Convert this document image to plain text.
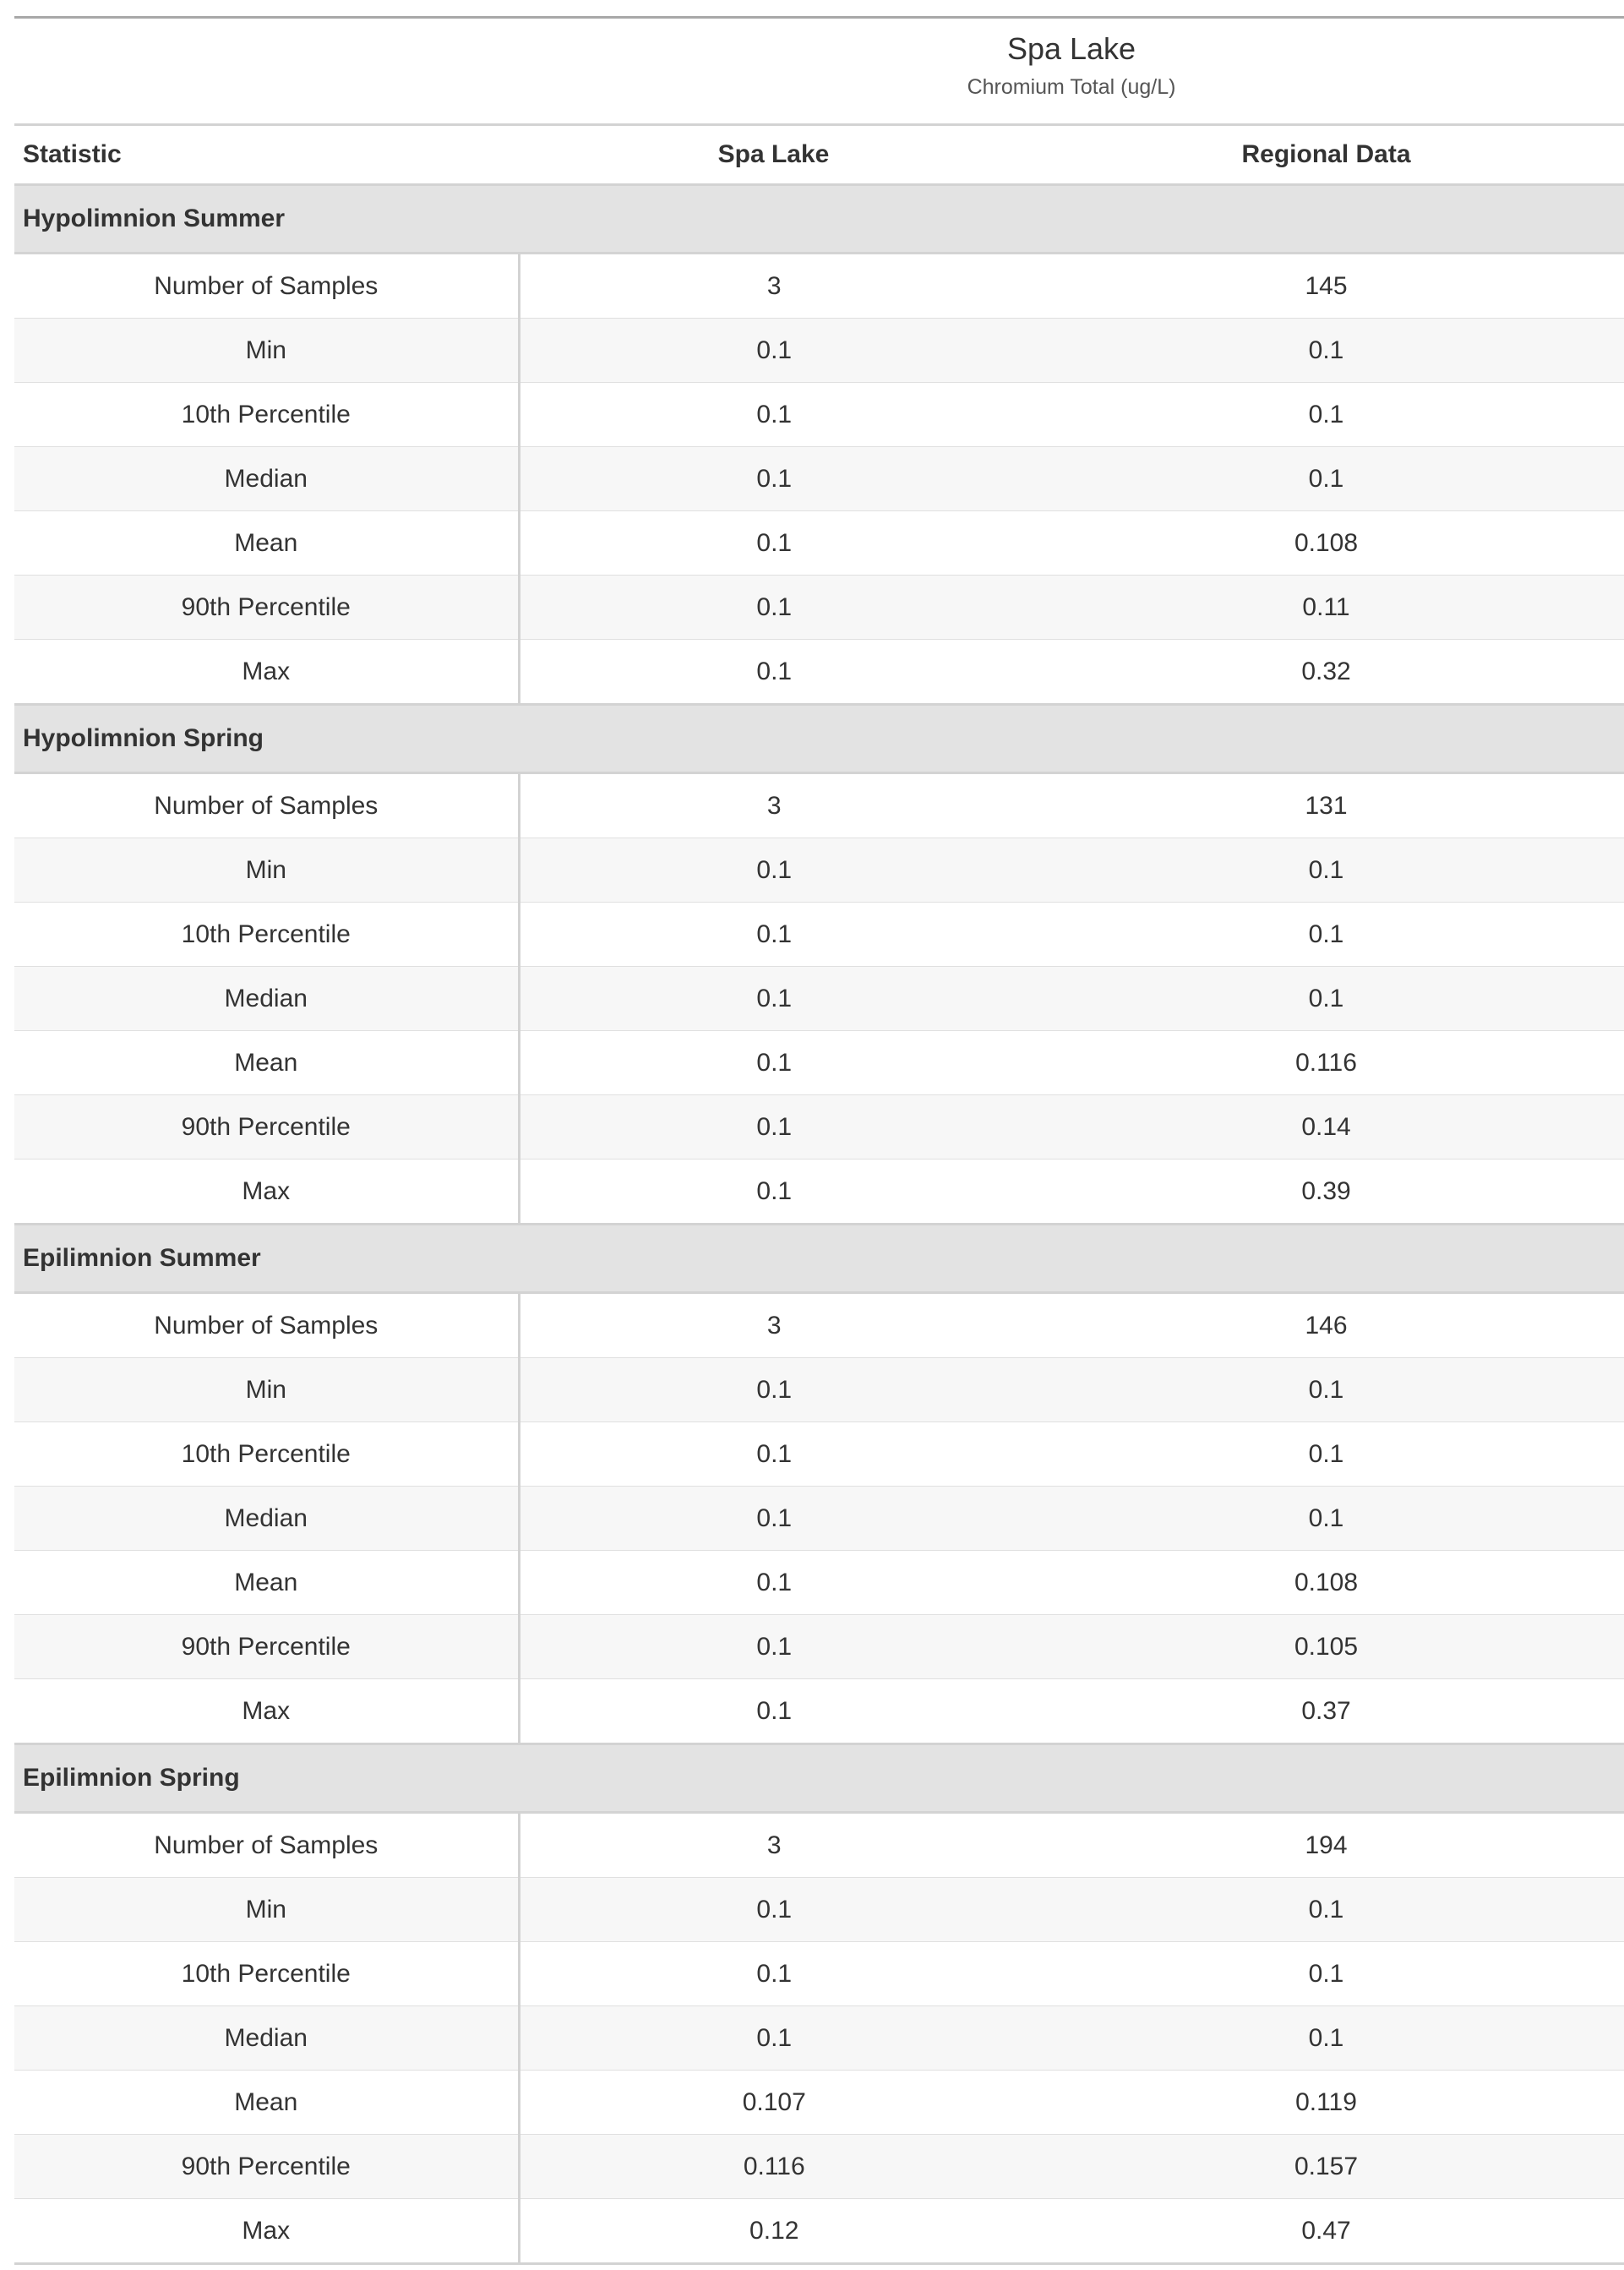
	Spa Lake
Chromium Total (ug/L)	

Statistic	Spa Lake	Regional Data
Hypolimnion Summer		
Number of Samples	3	145
Min	0.1	0.1
10th Percentile	0.1	0.1
Median	0.1	0.1
Mean	0.1	0.108
90th Percentile	0.1	0.11
Max	0.1	0.32
Hypolimnion Spring		
Number of Samples	3	131
Min	0.1	0.1
10th Percentile	0.1	0.1
Median	0.1	0.1
Mean	0.1	0.116
90th Percentile	0.1	0.14
Max	0.1	0.39
Epilimnion Summer		
Number of Samples	3	146
Min	0.1	0.1
10th Percentile	0.1	0.1
Median	0.1	0.1
Mean	0.1	0.108
90th Percentile	0.1	0.105
Max	0.1	0.37
Epilimnion Spring		
Number of Samples	3	194
Min	0.1	0.1
10th Percentile	0.1	0.1
Median	0.1	0.1
Mean	0.107	0.119
90th Percentile	0.116	0.157
Max	0.12	0.47
